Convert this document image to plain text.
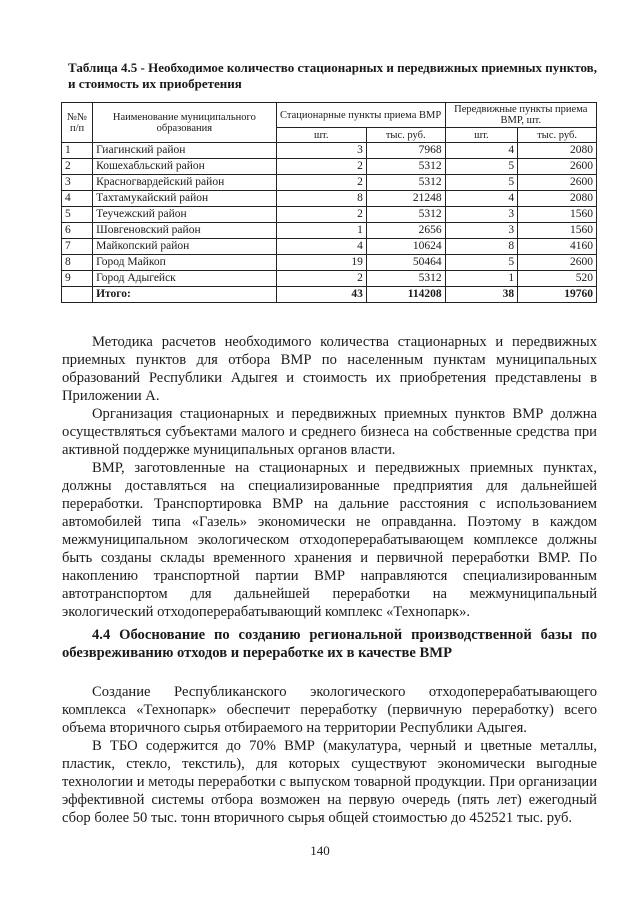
Таблица 4.5 - Необходимое количество стационарных и передвижных приемных пунктов, и стоимость их приобретения
№№ п/п	Наименование муниципального образования	Стационарные пункты приема ВМР		Передвижные пункты приема ВМР, шт.	
		шт.	тыс. руб.	шт.	тыс. руб.
1	Гиагинский район	3	7968	4	2080
2	Кошехабльский район	2	5312	5	2600
3	Красногвардейский район	2	5312	5	2600
4	Тахтамукайский район	8	21248	4	2080
5	Теучежский район	2	5312	3	1560
6	Шовгеновский район	1	2656	3	1560
7	Майкопский район	4	10624	8	4160
8	Город Майкоп	19	50464	5	2600
9	Город Адыгейск	2	5312	1	520
	Итого:	43	114208	38	19760

Методика расчетов необходимого количества стационарных и передвижных приемных пунктов для отбора ВМР по населенным пунктам муниципальных образований Республики Адыгея и стоимость их приобретения представлены в Приложении А.

Организация стационарных и передвижных приемных пунктов ВМР должна осуществляться субъектами малого и среднего бизнеса на собственные средства при активной поддержке муниципальных органов власти.

ВМР, заготовленные на стационарных и передвижных приемных пунктах, должны доставляться на специализированные предприятия для дальнейшей переработки. Транспортировка ВМР на дальние расстояния с использованием автомобилей типа «Газель» экономически не оправданна. Поэтому в каждом межмуниципальном экологическом отходоперерабатывающем комплексе должны быть созданы склады временного хранения и первичной переработки ВМР. По накоплению транспортной партии ВМР направляются специализированным автотранспортом для дальнейшей переработки на межмуниципальный экологический отходоперерабатывающий комплекс «Технопарк».

4.4 Обоснование по созданию региональной производственной базы по обезвреживанию отходов и переработке их в качестве ВМР

Создание Республиканского экологического отходоперерабатывающего комплекса «Технопарк» обеспечит переработку (первичную переработку) всего объема вторичного сырья отбираемого на территории Республики Адыгея.

В ТБО содержится до 70% ВМР (макулатура, черный и цветные металлы, пластик, стекло, текстиль), для которых существуют экономически выгодные технологии и методы переработки с выпуском товарной продукции. При организации эффективной системы отбора возможен на первую очередь (пять лет) ежегодный сбор более 50 тыс. тонн вторичного сырья общей стоимостью до 452521 тыс. руб.

140
